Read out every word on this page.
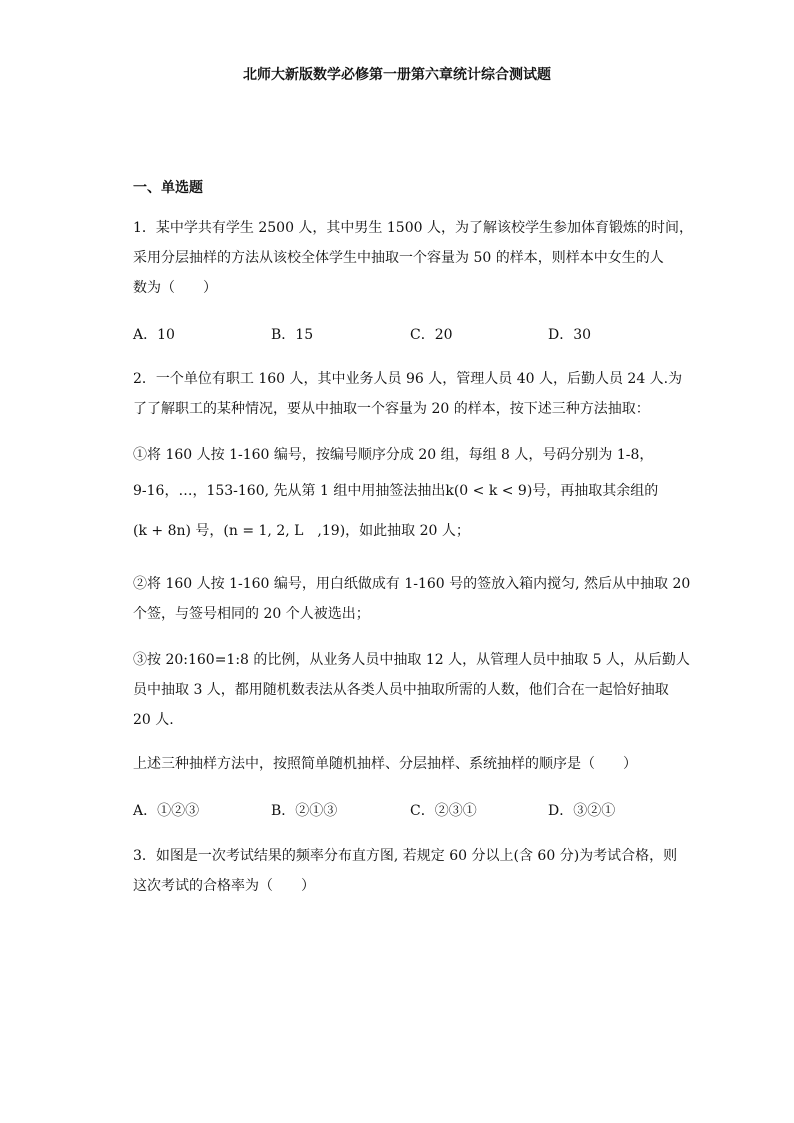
北师大新版数学必修第一册第六章统计综合测试题
一、单选题
1．某中学共有学生 2500 人，其中男生 1500 人，为了解该校学生参加体育锻炼的时间，
采用分层抽样的方法从该校全体学生中抽取一个容量为 50 的样本，则样本中女生的人
数为（　　）
A．10	B．15	C．20	D．30
2．一个单位有职工 160 人，其中业务人员 96 人，管理人员 40 人，后勤人员 24 人.为
了了解职工的某种情况，要从中抽取一个容量为 20 的样本，按下述三种方法抽取：
①将 160 人按 1-160 编号，按编号顺序分成 20 组，每组 8 人，号码分别为 1-8，
9-16，…，153-160, 先从第 1 组中用抽签法抽出k(0 < k < 9)号，再抽取其余组的
(k + 8n) 号，(n = 1, 2, L　,19)，如此抽取 20 人；
②将 160 人按 1-160 编号，用白纸做成有 1-160 号的签放入箱内搅匀, 然后从中抽取 20
个签，与签号相同的 20 个人被选出；
③按 20:160=1:8 的比例，从业务人员中抽取 12 人，从管理人员中抽取 5 人，从后勤人
员中抽取 3 人，都用随机数表法从各类人员中抽取所需的人数，他们合在一起恰好抽取
20 人.
上述三种抽样方法中，按照简单随机抽样、分层抽样、系统抽样的顺序是（　　）
A．①②③	B．②①③	C．②③①	D．③②①
3．如图是一次考试结果的频率分布直方图, 若规定 60 分以上(含 60 分)为考试合格，则
这次考试的合格率为（　　）
